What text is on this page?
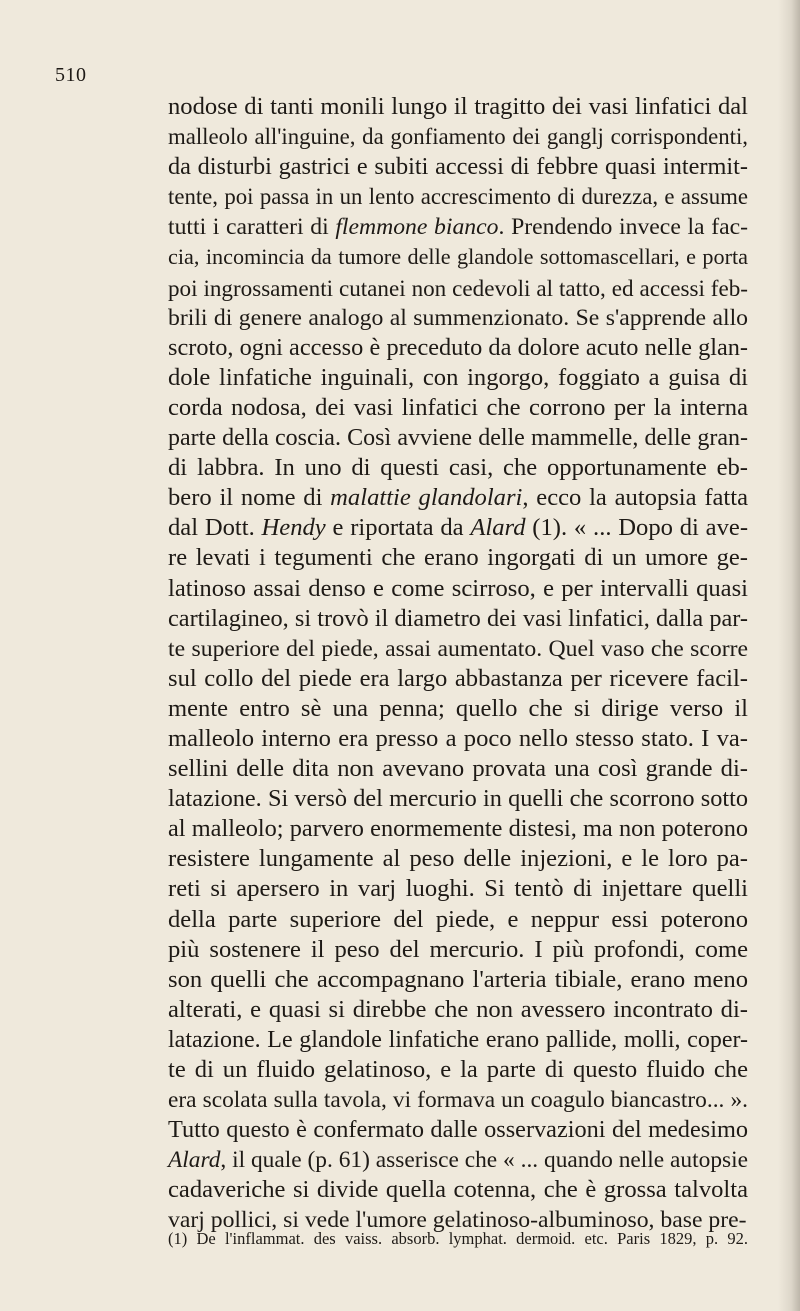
510
nodose di tanti monili lungo il tragitto dei vasi linfatici dal
malleolo all'inguine, da gonfiamento dei ganglj corrispondenti,
da disturbi gastrici e subiti accessi di febbre quasi intermit-
tente, poi passa in un lento accrescimento di durezza, e assume
tutti i caratteri di flemmone bianco. Prendendo invece la fac-
cia, incomincia da tumore delle glandole sottomascellari, e porta
poi ingrossamenti cutanei non cedevoli al tatto, ed accessi feb-
brili di genere analogo al summenzionato. Se s'apprende allo
scroto, ogni accesso è preceduto da dolore acuto nelle glan-
dole linfatiche inguinali, con ingorgo, foggiato a guisa di
corda nodosa, dei vasi linfatici che corrono per la interna
parte della coscia. Così avviene delle mammelle, delle gran-
di labbra. In uno di questi casi, che opportunamente eb-
bero il nome di malattie glandolari, ecco la autopsia fatta
dal Dott. Hendy e riportata da Alard (1). « ... Dopo di ave-
re levati i tegumenti che erano ingorgati di un umore ge-
latinoso assai denso e come scirroso, e per intervalli quasi
cartilagineo, si trovò il diametro dei vasi linfatici, dalla par-
te superiore del piede, assai aumentato. Quel vaso che scorre
sul collo del piede era largo abbastanza per ricevere facil-
mente entro sè una penna; quello che si dirige verso il
malleolo interno era presso a poco nello stesso stato. I va-
sellini delle dita non avevano provata una così grande di-
latazione. Si versò del mercurio in quelli che scorrono sotto
al malleolo; parvero enormemente distesi, ma non poterono
resistere lungamente al peso delle injezioni, e le loro pa-
reti si apersero in varj luoghi. Si tentò di injettare quelli
della parte superiore del piede, e neppur essi poterono
più sostenere il peso del mercurio. I più profondi, come
son quelli che accompagnano l'arteria tibiale, erano meno
alterati, e quasi si direbbe che non avessero incontrato di-
latazione. Le glandole linfatiche erano pallide, molli, coper-
te di un fluido gelatinoso, e la parte di questo fluido che
era scolata sulla tavola, vi formava un coagulo biancastro... ».
Tutto questo è confermato dalle osservazioni del medesimo
Alard, il quale (p. 61) asserisce che « ... quando nelle autopsie
cadaveriche si divide quella cotenna, che è grossa talvolta
varj pollici, si vede l'umore gelatinoso-albuminoso, base pre-
(1) De l'inflammat. des vaiss. absorb. lymphat. dermoid. etc. Paris 1829, p. 92.
